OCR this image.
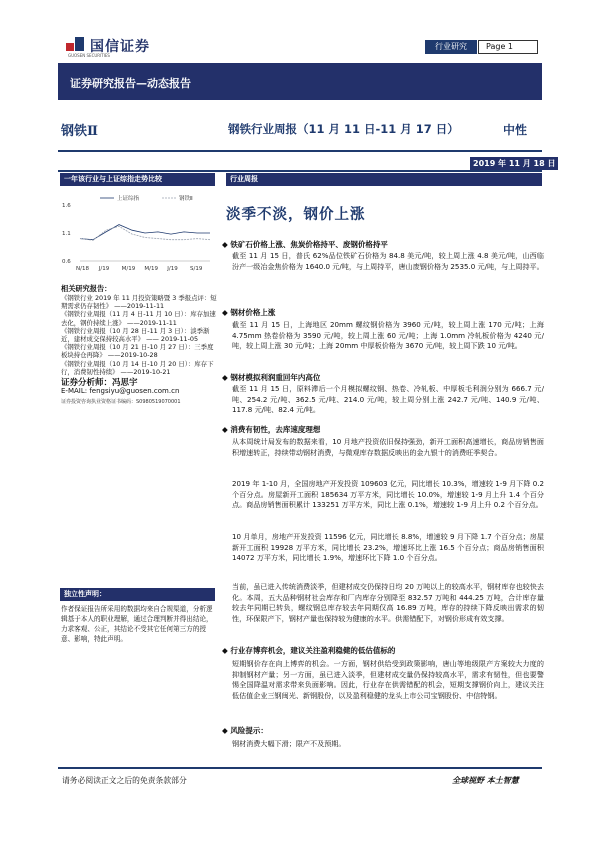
国信证券
GUOSEN SECURITIES
行业研究	Page 1
证券研究报告—动态报告
钢铁Ⅱ	钢铁行业周报（11 月 11 日-11 月 17 日）	中性
2019 年 11 月 18 日
一年该行业与上证综指走势比较
1.6
1.1
0.6
N/18 J/19 M/19 M/19 J/19 S/19
上证综指	钢铁Ⅱ
相关研究报告：
《钢铁行业 2019 年 11 月投资策略暨 3 季报点评：短期需求仍存韧性》 ——2019-11-11
《钢铁行业周报（11 月 4 日-11 月 10 日）：库存加速去化，钢价持续上涨》 ——2019-11-11
《钢铁行业周报（10 月 28 日-11 月 3 日）：淡季渐近，建材成交保持较高水平》 —— 2019-11-05
《钢铁行业周报（10 月 21 日-10 月 27 日）：三季度板块持仓再降》 ——2019-10-28
《钢铁行业周报（10 月 14 日-10 月 20 日）：库存下行，消费韧性持续》 ——2019-10-21
证券分析师：冯思宇
E-MAIL: fengsiyu@guosen.com.cn
证券投资咨询执业资格证书编码：S0980519070001
独立性声明：
作者保证报告所采用的数据均来自合规渠道，分析逻辑基于本人的职业理解，通过合理判断并得出结论，力求客观、公正，其结论不受其它任何第三方的授意、影响，特此声明。
行业周报
淡季不淡，钢价上涨
◆ 铁矿石价格上涨、焦炭价格持平、废钢价格持平
截至 11 月 15 日，普氏 62%品位铁矿石价格为 84.8 美元/吨，较上周上涨 4.8 美元/吨，山西临汾产一级冶金焦价格为 1640.0 元/吨，与上周持平，唐山废钢价格为 2535.0 元/吨，与上周持平。
◆ 钢材价格上涨
截至 11 月 15 日，上海地区 20mm 螺纹钢价格为 3960 元/吨，较上周上涨 170 元/吨；上海 4.75mm 热卷价格为 3590 元/吨，较上周上涨 60 元/吨；上海 1.0mm 冷轧板价格为 4240 元/吨，较上周上涨 30 元/吨；上海 20mm 中厚板价格为 3670 元/吨，较上周下跌 10 元/吨。
◆ 钢材模拟利润重回年内高位
截至 11 月 15 日，原料滞后一个月模拟螺纹钢、热卷、冷轧板、中厚板毛利润分别为 666.7 元/吨、254.2 元/吨、362.5 元/吨、214.0 元/吨，较上周分别上涨 242.7 元/吨、140.9 元/吨、117.8 元/吨、82.4 元/吨。
◆ 消费有韧性，去库速度理想
从本周统计局发布的数据来看，10 月地产投资依旧保持强劲，新开工面积高速增长，商品房销售面积增速转正，持续带动钢材消费，与微观库存数据反映出的金九银十的消费旺季契合。
2019 年 1-10 月，全国房地产开发投资 109603 亿元，同比增长 10.3%，增速较 1-9 月下降 0.2 个百分点。房屋新开工面积 185634 万平方米，同比增长 10.0%，增速较 1-9 月上升 1.4 个百分点。商品房销售面积累计 133251 万平方米，同比上涨 0.1%，增速较 1-9 月上升 0.2 个百分点。
10 月单月，房地产开发投资 11596 亿元，同比增长 8.8%，增速较 9 月下降 1.7 个百分点；房屋新开工面积 19928 万平方米，同比增长 23.2%，增速环比上涨 16.5 个百分点；商品房销售面积 14072 万平方米，同比增长 1.9%，增速环比下降 1.0 个百分点。
当前，虽已进入传统消费淡季，但建材成交仍保持日均 20 万吨以上的较高水平，钢材库存也较快去化。本周，五大品种钢材社会库存和厂内库存分别降至 832.57 万吨和 444.25 万吨，合计库存量较去年同期已转负，螺纹钢总库存较去年同期仅高 16.89 万吨，库存的持续下降反映出需求的韧性，环保限产下，钢材产量也保持较为健康的水平。供需错配下，对钢价形成有效支撑。
◆ 行业存博弈机会，建议关注盈利稳健的低估值标的
短期钢价存在向上博弈的机会。一方面，钢材供给受到政策影响，唐山等地级限产方案较大力度的抑制钢材产量；另一方面，虽已进入淡季，但建材成交量仍保持较高水平，需求有韧性，但也要警惕全国降温对需求带来负面影响。因此，行业存在供需错配的机会，短期支撑钢价向上，建议关注低估值企业三钢闽光、新钢股份，以及盈利稳健的龙头上市公司宝钢股份、中信特钢。
◆ 风险提示：
钢材消费大幅下滑；限产不及预期。
请务必阅读正文之后的免责条款部分	全球视野 本土智慧
